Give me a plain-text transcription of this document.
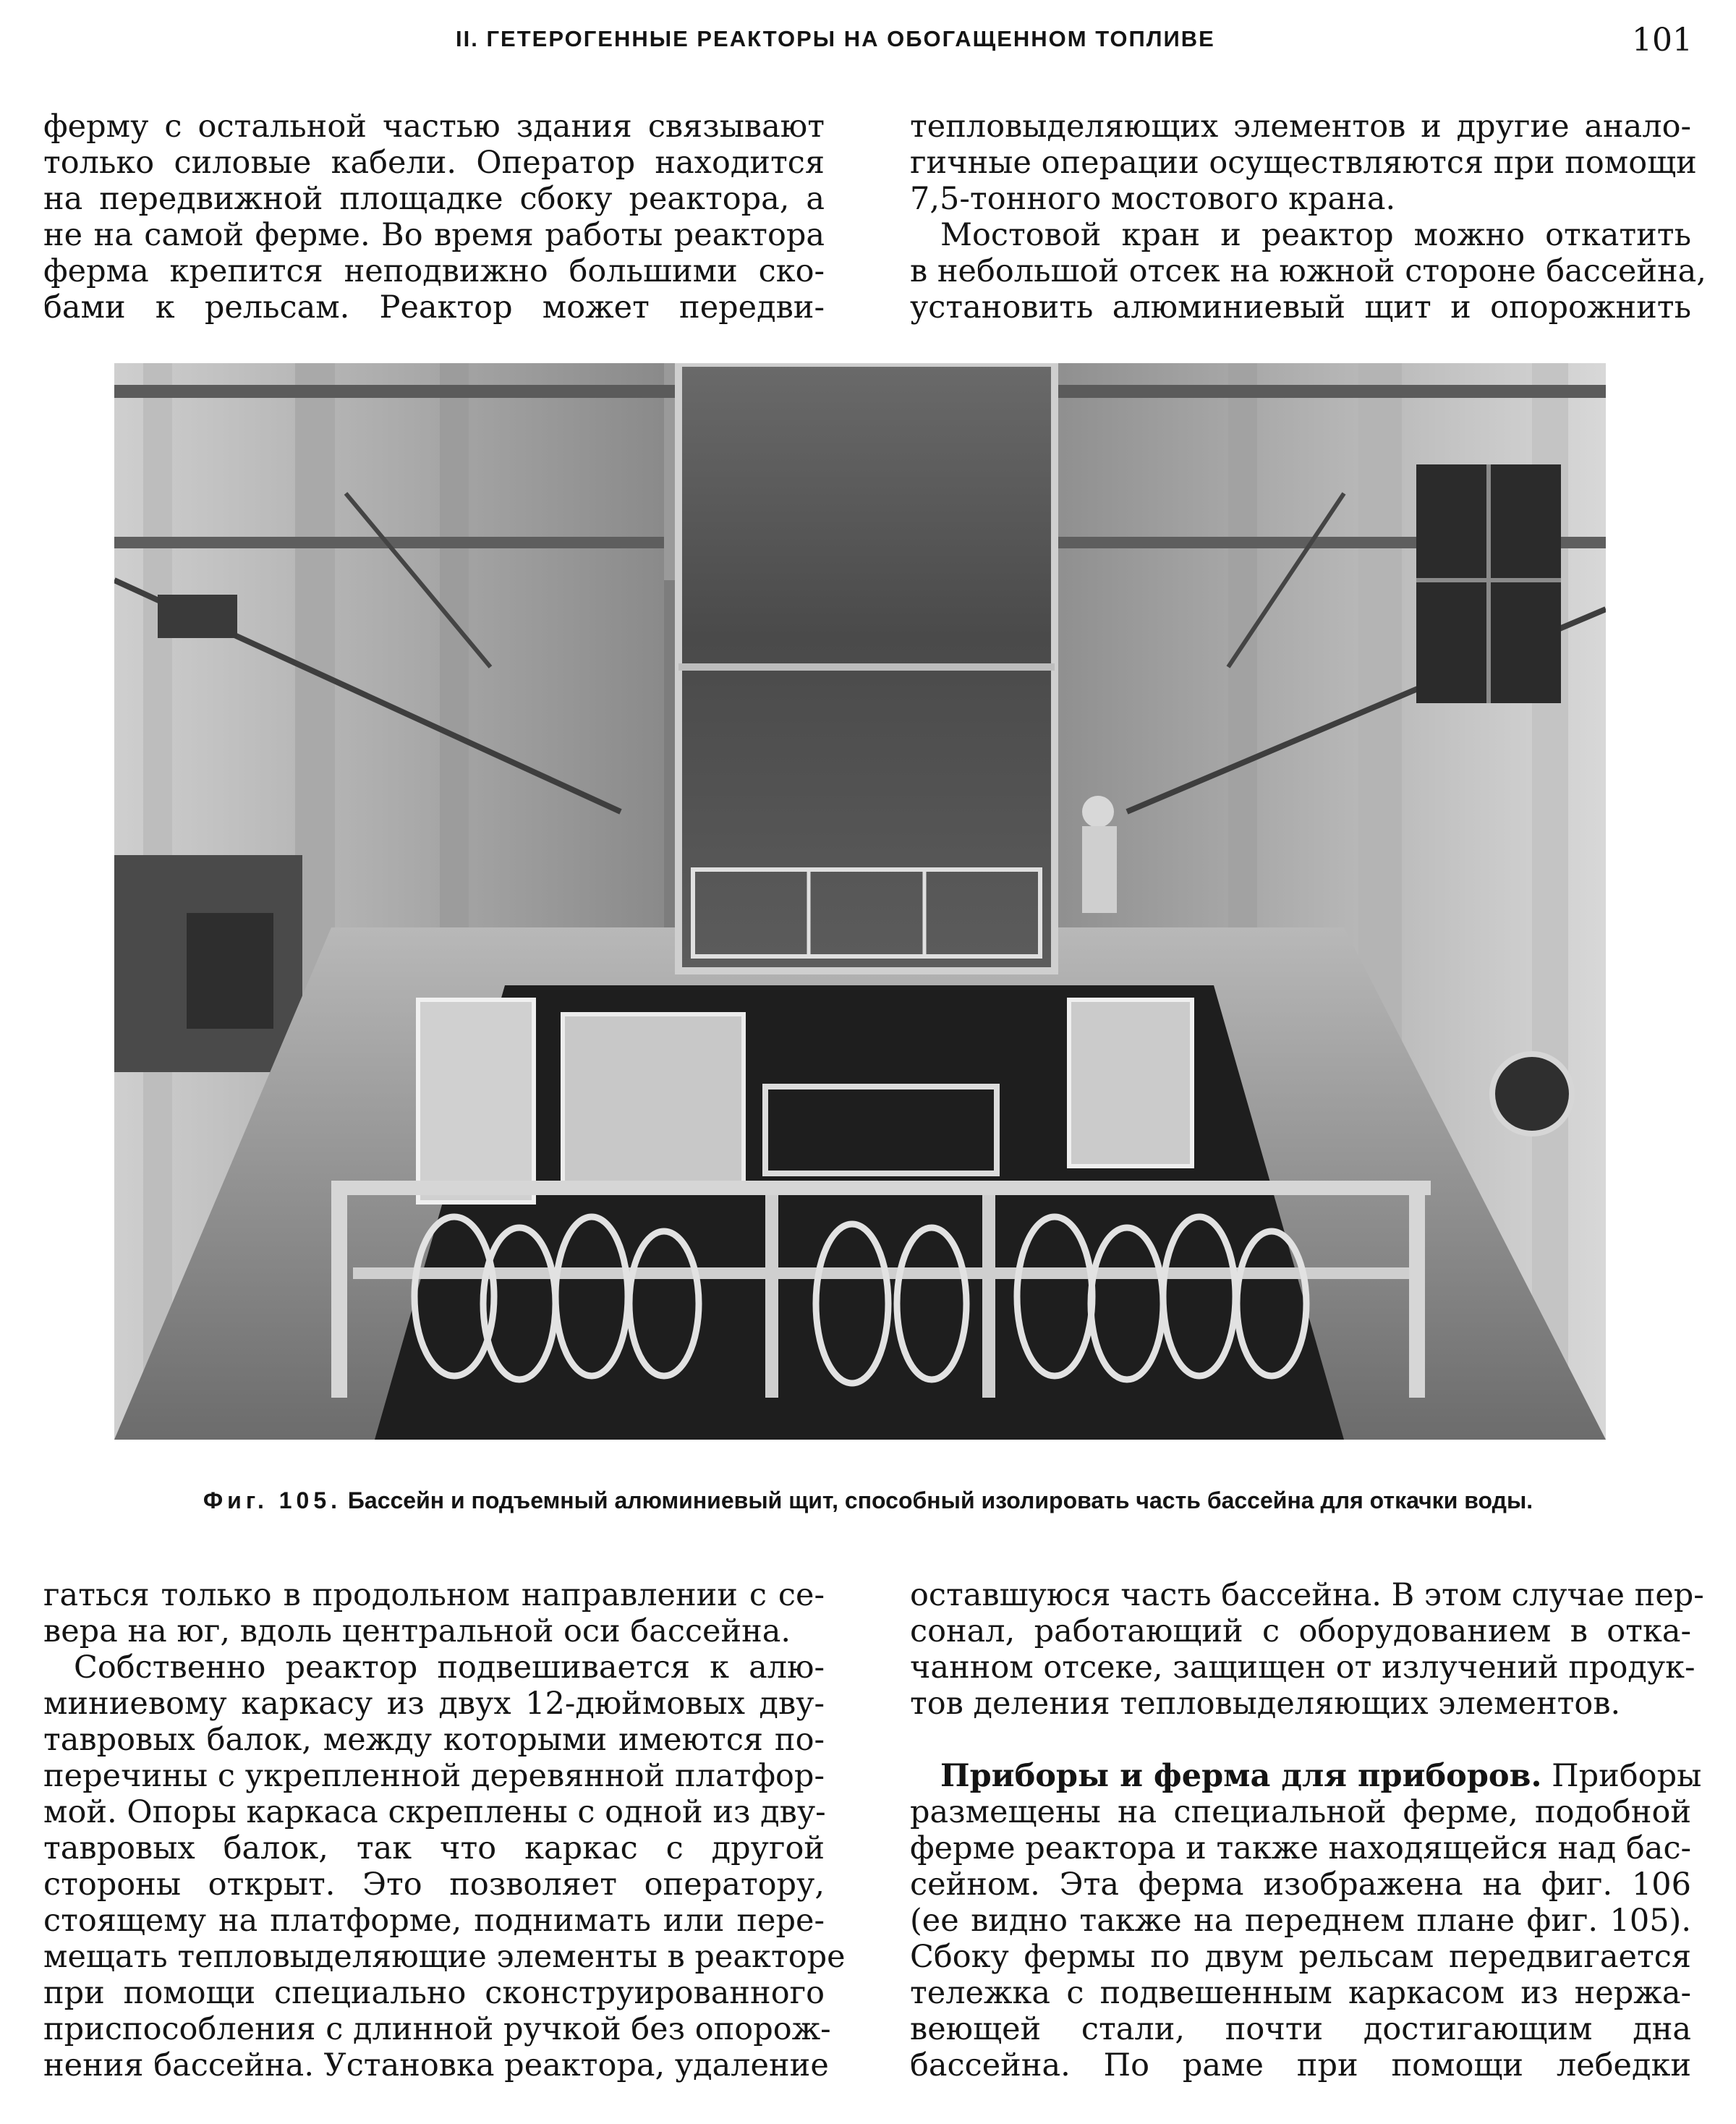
II. ГЕТЕРОГЕННЫЕ РЕАКТОРЫ НА ОБОГАЩЕННОМ ТОПЛИВЕ	101
ферму с остальной частью здания связывают
только силовые кабели. Оператор находится
на передвижной площадке сбоку реактора, а
не на самой ферме. Во время работы реактора
ферма крепится неподвижно большими ско-
бами к рельсам. Реактор может передви-
тепловыделяющих элементов и другие анало-
гичные операции осуществляются при помощи
7,5-тонного мостового крана.
Мостовой кран и реактор можно откатить
в небольшой отсек на южной стороне бассейна,
установить алюминиевый щит и опорожнить
Фиг. 105. Бассейн и подъемный алюминиевый щит, способный изолировать часть бассейна для откачки воды.
гаться только в продольном направлении с се-
вера на юг, вдоль центральной оси бассейна.
Собственно реактор подвешивается к алю-
миниевому каркасу из двух 12-дюймовых дву-
тавровых балок, между которыми имеются по-
перечины с укрепленной деревянной платфор-
мой. Опоры каркаса скреплены с одной из дву-
тавровых балок, так что каркас с другой
стороны открыт. Это позволяет оператору,
стоящему на платформе, поднимать или пере-
мещать тепловыделяющие элементы в реакторе
при помощи специально сконструированного
приспособления с длинной ручкой без опорож-
нения бассейна. Установка реактора, удаление
оставшуюся часть бассейна. В этом случае пер-
сонал, работающий с оборудованием в отка-
чанном отсеке, защищен от излучений продук-
тов деления тепловыделяющих элементов.
Приборы и ферма для приборов. Приборы
размещены на специальной ферме, подобной
ферме реактора и также находящейся над бас-
сейном. Эта ферма изображена на фиг. 106
(ее видно также на переднем плане фиг. 105).
Сбоку фермы по двум рельсам передвигается
тележка с подвешенным каркасом из нержа-
веющей стали, почти достигающим дна
бассейна. По раме при помощи лебедки
